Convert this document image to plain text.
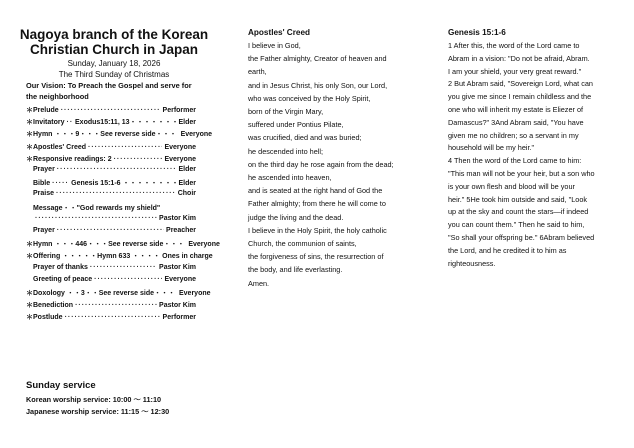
Nagoya branch of the Korean
Christian Church in Japan
Sunday, January 18, 2026
The Third Sunday of Christmas
Our Vision: To Preach the Gospel and serve for
the neighborhood
＊ Prelude ·····	Performer
＊ Invitatory ····· Exodus15:11, 13・・・・・・・Elder
＊ Hymn ・・・9・・・See reverse side・・・ Everyone
＊ Apostles' Creed ·····	Everyone
＊ Responsive readings: 2 ·····	Everyone
Prayer ·····	Elder
Bible ·····	Genesis 15:1-6 ・・・・・・・・Elder
Praise ·····	Choir
Message・・"God rewards my shield"
·····
Pastor Kim
Prayer ·····	Preacher
＊ Hymn ・・・446・・・See reverse side・・・ Everyone
＊ Offering ・・・・・Hymn 633 ・・・・ Ones in charge
Prayer of thanks ·····	Pastor Kim
Greeting of peace ·····	Everyone
＊ Doxology ・・3・・See reverse side・・・ Everyone
＊ Benediction ·····	Pastor Kim
＊ Postlude ·····	Performer
Sunday service
Korean worship service: 10:00 ～ 11:10
Japanese worship service: 11:15 ～ 12:30
Apostles' Creed
I believe in God,
the Father almighty, Creator of heaven and
earth,
and in Jesus Christ, his only Son, our Lord,
who was conceived by the Holy Spirit,
born of the Virgin Mary,
suffered under Pontius Pilate,
was crucified, died and was buried;
he descended into hell;
on the third day he rose again from the dead;
he ascended into heaven,
and is seated at the right hand of God the
Father almighty; from there he will come to
judge the living and the dead.
I believe in the Holy Spirit, the holy catholic
Church, the communion of saints,
the forgiveness of sins, the resurrection of
the body, and life everlasting.
Amen.
Genesis 15:1-6
1 After this, the word of the Lord came to
Abram in a vision: "Do not be afraid, Abram.
I am your shield, your very great reward."
2 But Abram said, "Sovereign Lord, what can
you give me since I remain childless and the
one who will inherit my estate is Eliezer of
Damascus?" 3And Abram said, "You have
given me no children; so a servant in my
household will be my heir."
4 Then the word of the Lord came to him:
"This man will not be your heir, but a son who
is your own flesh and blood will be your
heir." 5He took him outside and said, "Look
up at the sky and count the stars—if indeed
you can count them." Then he said to him,
"So shall your offspring be." 6Abram believed
the Lord, and he credited it to him as
righteousness.
